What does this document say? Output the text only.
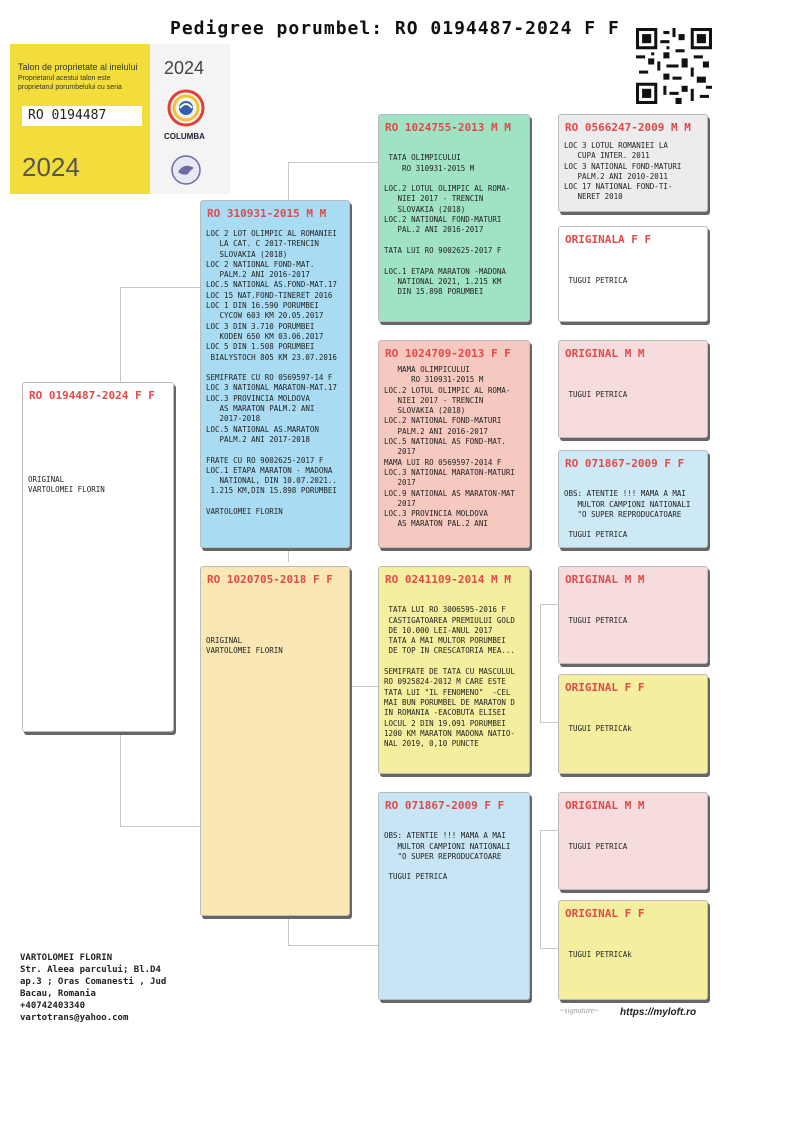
Pedigree porumbel: RO 0194487-2024 F F
Talon de proprietate al inelului
Proprietarul acestui talon este proprietarul porumbelului cu seria
RO 0194487
2024
2024
COLUMBA
RO 0194487-2024 F F
ORIGINAL
VARTOLOMEI FLORIN
RO 310931-2015 M M
LOC 2 LOT OLIMPIC AL ROMANIEI
LA CAT. C 2017-TRENCIN
SLOVAKIA (2018)
LOC 2 NATIONAL FOND-MAT.
PALM.2 ANI 2016-2017
LOC.5 NATIONAL AS.FOND-MAT.17
LOC 15 NAT.FOND-TINERET 2016
LOC 1 DIN 16.590 PORUMBEI
CYCOW 603 KM 20.05.2017
LOC 3 DIN 3.710 PORUMBEI
KODEN 650 KM 03.06.2017
LOC 5 DIN 1.508 PORUMBEI
BIALYSTOCH 805 KM 23.07.2016

SEMIFRATE CU RO 0569597-14 F
LOC 3 NATIONAL MARATON-MAT.17
LOC.3 PROVINCIA MOLDOVA
AS MARATON PALM.2 ANI
2017-2018
LOC.5 NATIONAL AS.MARATON
PALM.2 ANI 2017-2018

FRATE CU RO 9002625-2017 F
LOC.1 ETAPA MARATON - MADONA
NATIONAL, DIN 10.07.2021..
1.215 KM,DIN 15.898 PORUMBEI

VARTOLOMEI FLORIN
RO 1020705-2018 F F

ORIGINAL
VARTOLOMEI FLORIN
RO 1024755-2013 M M

TATA OLIMPICULUI
RO 310931-2015 M

LOC.2 LOTUL OLIMPIC AL ROMA-
NIEI 2017 - TRENCIN
SLOVAKIA (2018)
LOC.2 NATIONAL FOND-MATURI
PAL.2 ANI 2016-2017

TATA LUI RO 9002625-2017 F

LOC.1 ETAPA MARATON -MADONA
NATIONAL 2021, 1.215 KM
DIN 15.898 PORUMBEI
RO 1024709-2013 F F
MAMA OLIMPICULUI
RO 310931-2015 M
LOC.2 LOTUL OLIMPIC AL ROMA-
NIEI 2017 - TRENCIN
SLOVAKIA (2018)
LOC.2 NATIONAL FOND-MATURI
PALM.2 ANI 2016-2017
LOC.5 NATIONAL AS FOND-MAT.
2017
MAMA LUI RO 0569597-2014 F
LOC.3 NATIONAL MARATON-MATURI
2017
LOC.9 NATIONAL AS MARATON-MAT
2017
LOC.3 PROVINCIA MOLDOVA
AS MARATON PAL.2 ANI
RO 0241109-2014 M M

TATA LUI RO 3006595-2016 F
CASTIGATOAREA PREMIULUI GOLD
DE 10.000 LEI-ANUL 2017
TATA A MAI MULTOR PORUMBEI
DE TOP IN CRESCATORIA MEA...

SEMIFRATE DE TATA CU MASCULUL
RO 0925824-2012 M CARE ESTE
TATA LUI "IL FENOMENO"  -CEL
MAI BUN PORUMBEL DE MARATON D
IN ROMANIA -EACOBUTA ELISEI
LOCUL 2 DIN 19.091 PORUMBEI
1200 KM MARATON MADONA NATIO-
NAL 2019, 0,10 PUNCTE
RO 071867-2009 F F

OBS: ATENTIE !!! MAMA A MAI
MULTOR CAMPIONI NATIONALI
"O SUPER REPRODUCATOARE

TUGUI PETRICA
RO 0566247-2009 M M
LOC 3 LOTUL ROMANIEI LA
CUPA INTER. 2011
LOC 3 NATIONAL FOND-MATURI
PALM.2 ANI 2010-2011
LOC 17 NATIONAL FOND-TI-
NERET 2010
ORIGINALA F F

TUGUI PETRICA
ORIGINAL M M

TUGUI PETRICA
RO 071867-2009 F F

OBS: ATENTIE !!! MAMA A MAI
MULTOR CAMPIONI NATIONALI
"O SUPER REPRODUCATOARE

TUGUI PETRICA
ORIGINAL M M

TUGUI PETRICA
ORIGINAL F F

TUGUI PETRICAk
ORIGINAL M M

TUGUI PETRICA
ORIGINAL F F

TUGUI PETRICAk
VARTOLOMEI FLORIN
Str. Aleea parcului; Bl.D4
ap.3 ; Oras Comanesti , Jud
Bacau, Romania
+40742403340
vartotrans@yahoo.com
~signature~ https://myloft.ro
